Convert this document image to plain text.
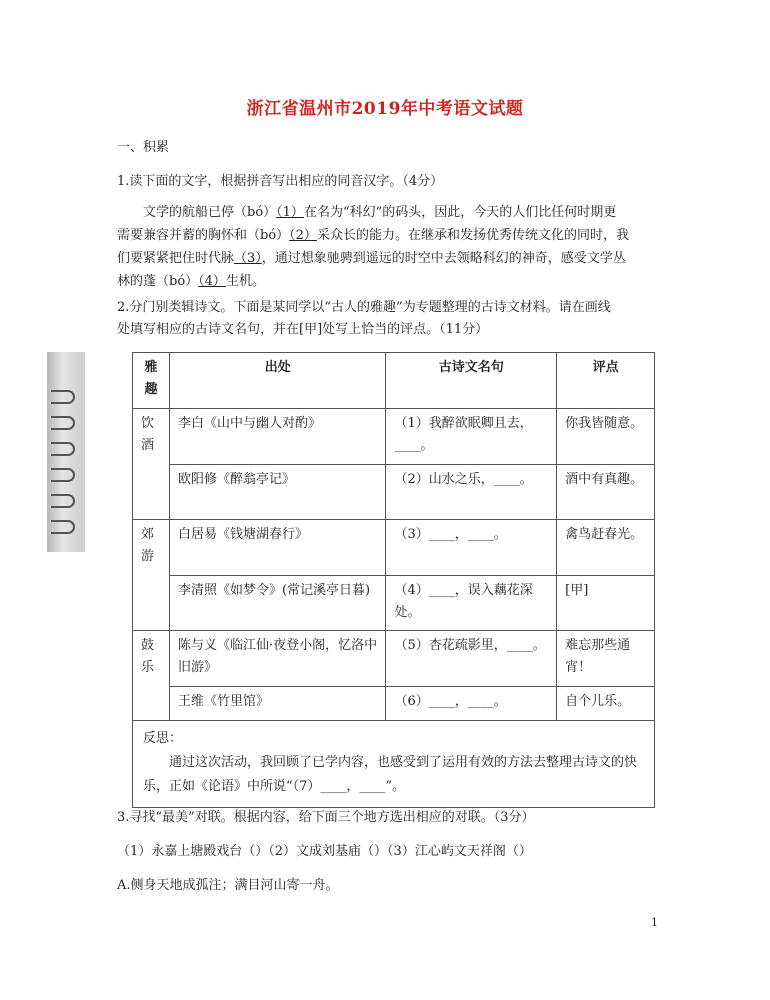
浙江省温州市2019年中考语文试题
一、积累
1.读下面的文字，根据拼音写出相应的同音汉字。（4分）
文学的航船已停（bó）（1）在名为“科幻”的码头，因此，今天的人们比任何时期更
需要兼容并蓄的胸怀和（bó）（2）采众长的能力。在继承和发扬优秀传统文化的同时，我
们要紧紧把住时代脉（3），通过想象驰骋到遥远的时空中去领略科幻的神奇，感受文学丛
林的蓬（bó）（4）生机。
2.分门别类辑诗文。下面是某同学以“古人的雅趣”为专题整理的古诗文材料。请在画线
处填写相应的古诗文名句，并在[甲]处写上恰当的评点。（11分）
雅趣	出处	古诗文名句	评点
饮酒	李白《山中与幽人对酌》	（1）我醉欲眠卿且去，____。	你我皆随意。
	欧阳修《醉翁亭记》	（2）山水之乐，____。	酒中有真趣。
郊游	白居易《钱塘湖春行》	（3）____，____。	禽鸟赶春光。
	李清照《如梦令》(常记溪亭日暮)	（4）____，误入藕花深处。	[甲]
鼓乐	陈与义《临江仙·夜登小阁，忆洛中旧游》	（5）杏花疏影里，____。	难忘那些通宵！
	王维《竹里馆》	（6）____，____。	自个儿乐。

反思：
通过这次活动，我回顾了已学内容，也感受到了运用有效的方法去整理古诗文的快乐，正如《论语》中所说“（7）____，____”。			
3.寻找“最美”对联。根据内容，给下面三个地方选出相应的对联。（3分）
（1）永嘉上塘殿戏台（）（2）文成刘基庙（）（3）江心屿文天祥阁（）
A.侧身天地成孤注；满目河山寄一舟。
1
